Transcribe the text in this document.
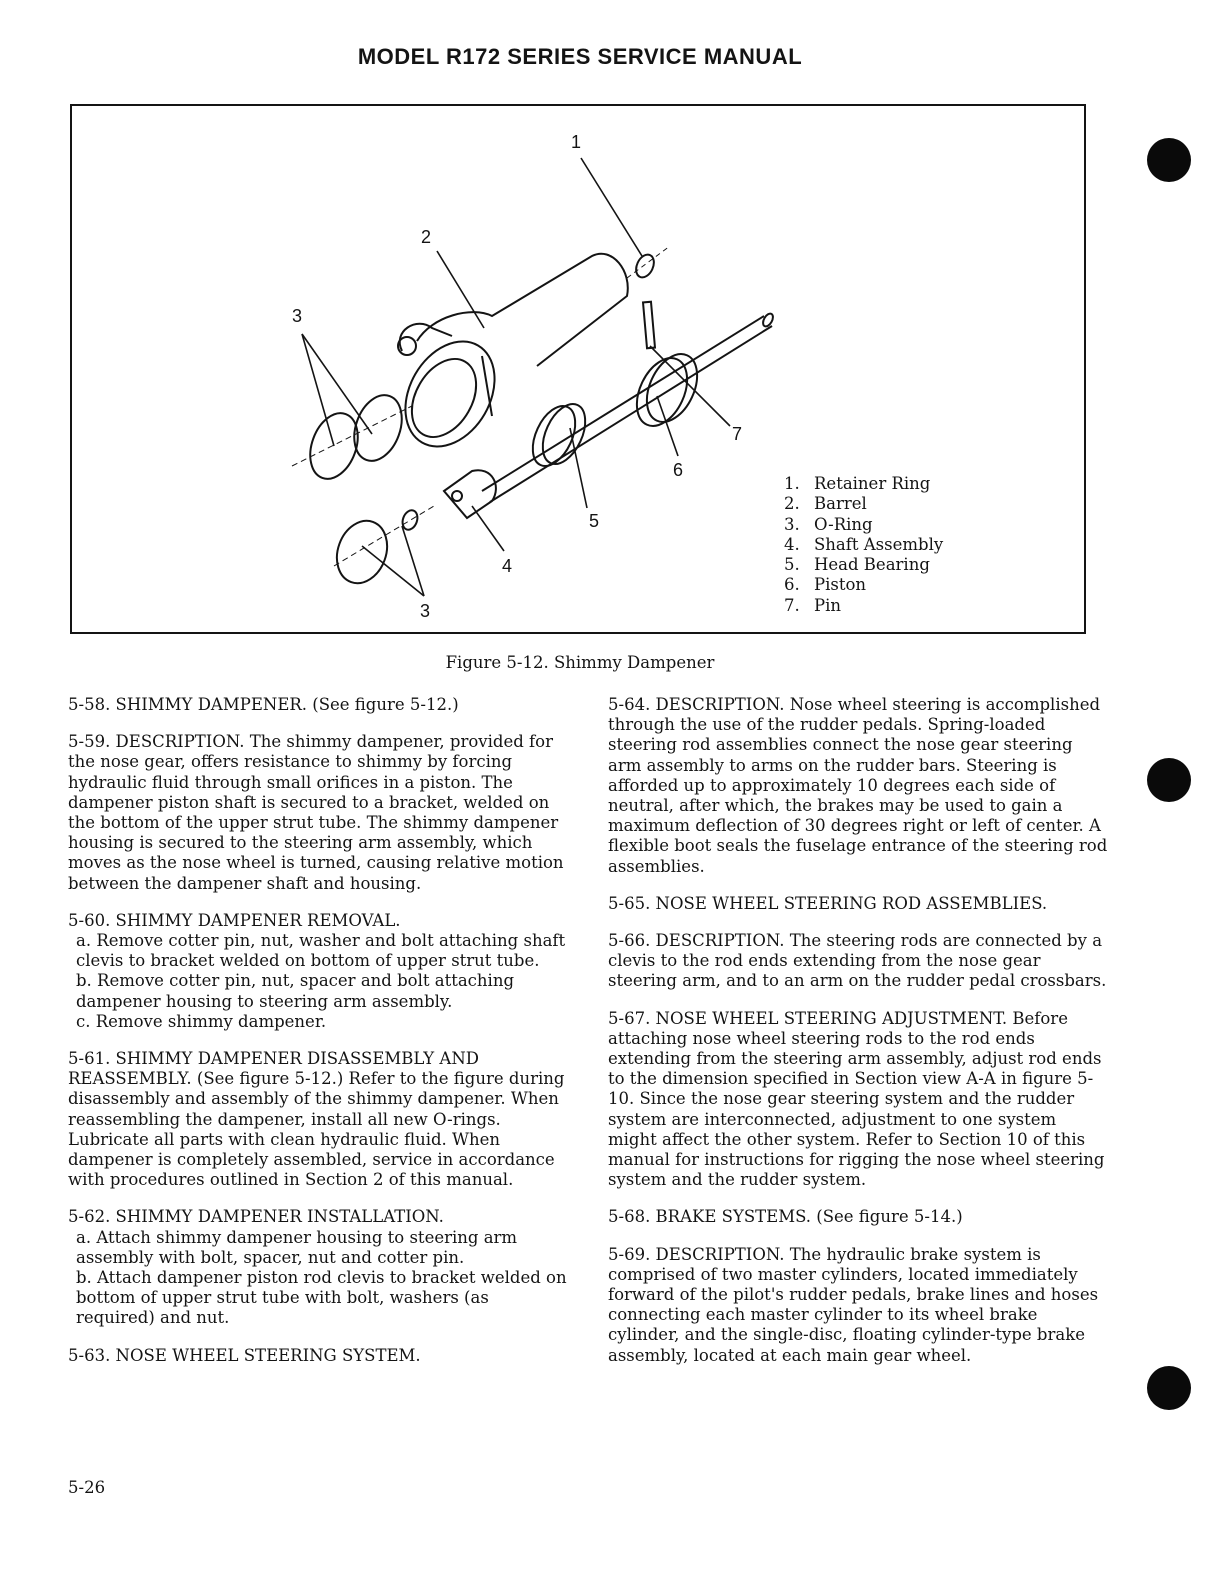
MODEL R172 SERIES SERVICE MANUAL
1
2
3
7
6
5
4
3
1. Retainer Ring
2. Barrel
3. O-Ring
4. Shaft Assembly
5. Head Bearing
6. Piston
7. Pin
Figure 5-12. Shimmy Dampener

5-58. SHIMMY DAMPENER. (See figure 5-12.)

5-59. DESCRIPTION. The shimmy dampener, provided for the nose gear, offers resistance to shimmy by forcing hydraulic fluid through small orifices in a piston. The dampener piston shaft is secured to a bracket, welded on the bottom of the upper strut tube. The shimmy dampener housing is secured to the steering arm assembly, which moves as the nose wheel is turned, causing relative motion between the dampener shaft and housing.

5-60. SHIMMY DAMPENER REMOVAL.

a. Remove cotter pin, nut, washer and bolt attaching shaft clevis to bracket welded on bottom of upper strut tube.

b. Remove cotter pin, nut, spacer and bolt attaching dampener housing to steering arm assembly.

c. Remove shimmy dampener.

5-61. SHIMMY DAMPENER DISASSEMBLY AND REASSEMBLY. (See figure 5-12.) Refer to the figure during disassembly and assembly of the shimmy dampener. When reassembling the dampener, install all new O-rings. Lubricate all parts with clean hydraulic fluid. When dampener is completely assembled, service in accordance with procedures outlined in Section 2 of this manual.

5-62. SHIMMY DAMPENER INSTALLATION.

a. Attach shimmy dampener housing to steering arm assembly with bolt, spacer, nut and cotter pin.

b. Attach dampener piston rod clevis to bracket welded on bottom of upper strut tube with bolt, washers (as required) and nut.

5-63. NOSE WHEEL STEERING SYSTEM.

5-64. DESCRIPTION. Nose wheel steering is accomplished through the use of the rudder pedals. Spring-loaded steering rod assemblies connect the nose gear steering arm assembly to arms on the rudder bars. Steering is afforded up to approximately 10 degrees each side of neutral, after which, the brakes may be used to gain a maximum deflection of 30 degrees right or left of center. A flexible boot seals the fuselage entrance of the steering rod assemblies.

5-65. NOSE WHEEL STEERING ROD ASSEMBLIES.

5-66. DESCRIPTION. The steering rods are connected by a clevis to the rod ends extending from the nose gear steering arm, and to an arm on the rudder pedal crossbars.

5-67. NOSE WHEEL STEERING ADJUSTMENT. Before attaching nose wheel steering rods to the rod ends extending from the steering arm assembly, adjust rod ends to the dimension specified in Section view A-A in figure 5-10. Since the nose gear steering system and the rudder system are interconnected, adjustment to one system might affect the other system. Refer to Section 10 of this manual for instructions for rigging the nose wheel steering system and the rudder system.

5-68. BRAKE SYSTEMS. (See figure 5-14.)

5-69. DESCRIPTION. The hydraulic brake system is comprised of two master cylinders, located immediately forward of the pilot's rudder pedals, brake lines and hoses connecting each master cylinder to its wheel brake cylinder, and the single-disc, floating cylinder-type brake assembly, located at each main gear wheel.

5-26
